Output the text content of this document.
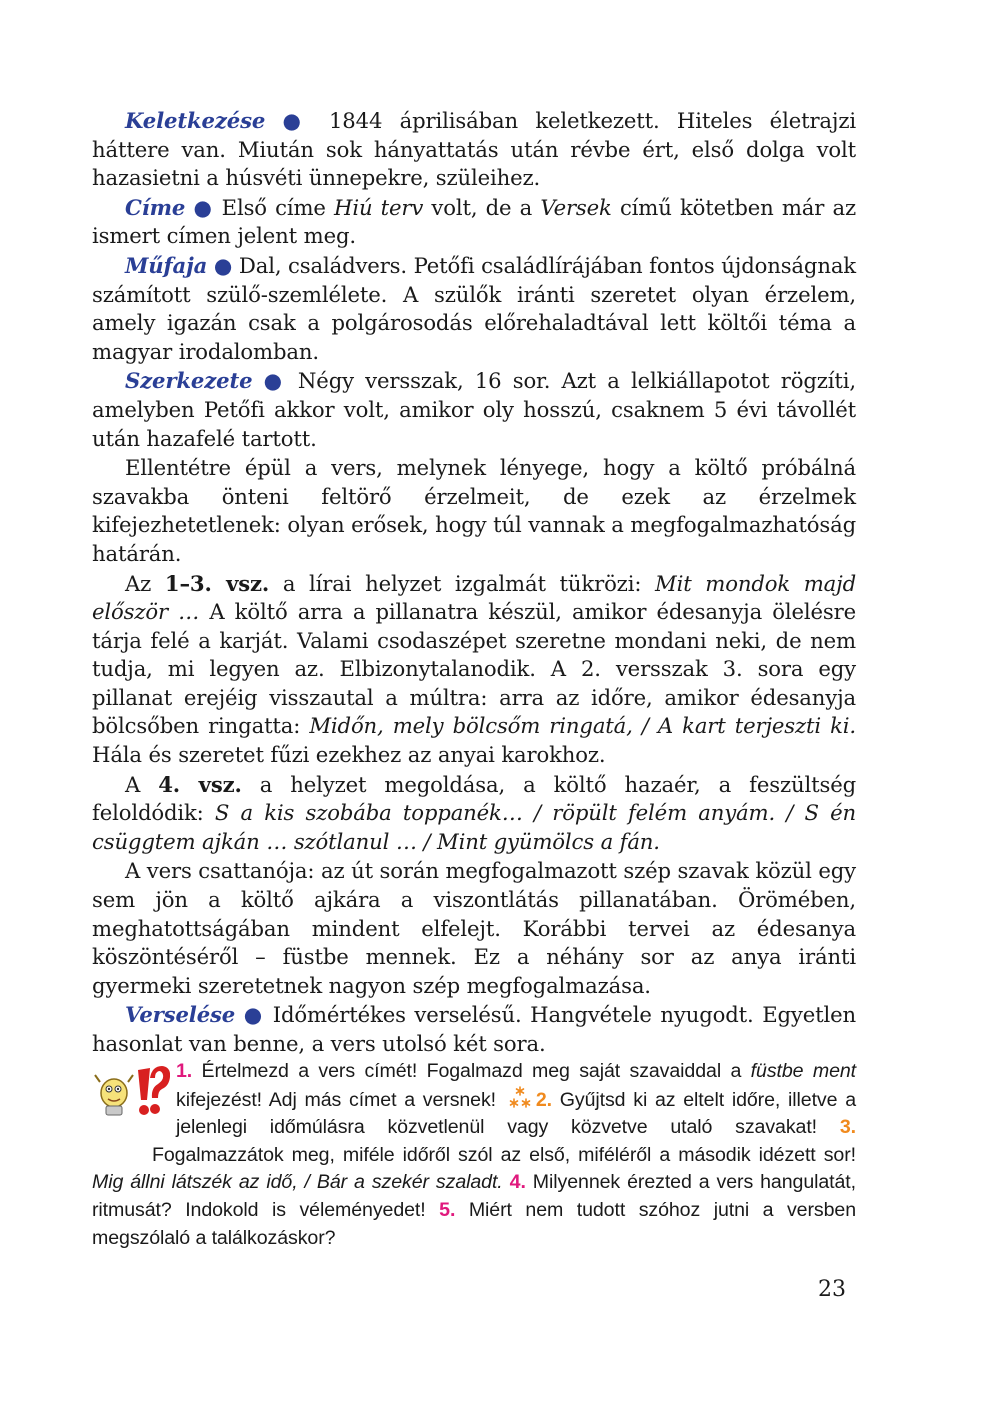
Keletkezése ● 1844 áprilisában keletkezett. Hiteles életrajzi háttere van. Miután sok hányattatás után révbe ért, első dolga volt hazasietni a húsvéti ünnepekre, szüleihez.

Címe ● Első címe Hiú terv volt, de a Versek című kötetben már az ismert címen jelent meg.

Műfaja ● Dal, családvers. Petőfi családlírájában fontos újdonságnak számított szülő-szemlélete. A szülők iránti szeretet olyan érzelem, amely igazán csak a polgárosodás előrehaladtával lett költői téma a magyar irodalomban.

Szerkezete ● Négy versszak, 16 sor. Azt a lelkiállapotot rögzíti, amelyben Petőfi akkor volt, amikor oly hosszú, csaknem 5 évi távollét után hazafelé tartott.

Ellentétre épül a vers, melynek lényege, hogy a költő próbálná szavakba önteni feltörő érzelmeit, de ezek az érzelmek kifejezhetetlenek: olyan erősek, hogy túl vannak a megfogalmazhatóság határán.

Az 1–3. vsz. a lírai helyzet izgalmát tükrözi: Mit mondok majd először … A költő arra a pillanatra készül, amikor édesanyja ölelésre tárja felé a karját. Valami csodaszépet szeretne mondani neki, de nem tudja, mi legyen az. Elbizonytalanodik. A 2. versszak 3. sora egy pillanat erejéig visszautal a múltra: arra az időre, amikor édesanyja bölcsőben ringatta: Midőn, mely bölcsőm ringatá, / A kart terjeszti ki. Hála és szeretet fűzi ezekhez az anyai karokhoz.

A 4. vsz. a helyzet megoldása, a költő hazaér, a feszültség feloldódik: S a kis szobába toppanék… / röpült felém anyám. / S én csüggtem ajkán … szótlanul … / Mint gyümölcs a fán.

A vers csattanója: az út során megfogalmazott szép szavak közül egy sem jön a költő ajkára a viszontlátás pillanatában. Örömében, meghatottságában mindent elfelejt. Korábbi tervei az édesanya köszöntéséről – füstbe mennek. Ez a néhány sor az anya iránti gyermeki szeretetnek nagyon szép megfogalmazása.

Verselése ● Időmértékes verselésű. Hangvétele nyugodt. Egyetlen hasonlat van benne, a vers utolsó két sora.

1. Értelmezd a vers címét! Fogalmazd meg saját szavaiddal a füstbe ment kifejezést! Adj más címet a versnek! 2. Gyűjtsd ki az eltelt időre, illetve a jelenlegi időmúlásra közvetlenül vagy közvetve utaló szavakat! 3. Fogalmazzátok meg, miféle időről szól az első, miféléről a második idézett sor! Mig állni látszék az idő, / Bár a szekér szaladt. 4. Milyennek érezted a vers hangulatát, ritmusát? Indokold is véleményedet! 5. Miért nem tudott szóhoz jutni a versben megszólaló a találkozáskor?
23
